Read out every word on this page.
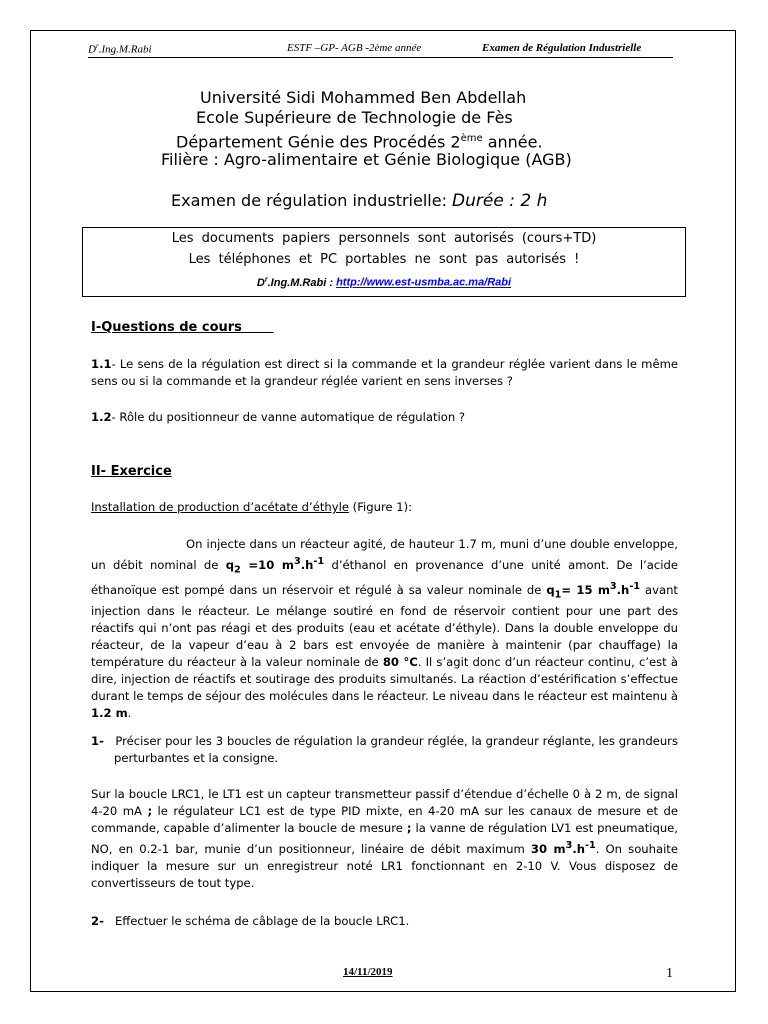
$D^r.Ing.M.Rabi$	ESTF –GP- AGB -2ème année	Examen de Régulation Industrielle
Université Sidi Mohammed Ben Abdellah
Ecole Supérieure de Technologie de Fès
Département Génie des Procédés 2ème année.
Filière : Agro-alimentaire et Génie Biologique (AGB)
Examen de régulation industrielle: Durée : 2 h
Les documents papiers personnels sont autorisés (cours+TD)
Les téléphones et PC portables ne sont pas autorisés !
$D^r.Ing.M.Rabi$ : http://www.est-usmba.ac.ma/Rabi
I-Questions de cours
1.1- Le sens de la régulation est direct si la commande et la grandeur réglée varient dans le même sens ou si la commande et la grandeur réglée varient en sens inverses ?
1.2- Rôle du positionneur de vanne automatique de régulation ?
II- Exercice
Installation de production d’acétate d’éthyle (Figure 1):
On injecte dans un réacteur agité, de hauteur 1.7 m, muni d’une double enveloppe, un débit nominal de $q_2 =10$ $m^3.h^{-1}$ d’éthanol en provenance d’une unité amont. De l’acide éthanoïque est pompé dans un réservoir et régulé à sa valeur nominale de $q_1= 15$ $m^3.h^{-1}$ avant injection dans le réacteur. Le mélange soutiré en fond de réservoir contient pour une part des réactifs qui n’ont pas réagi et des produits (eau et acétate d’éthyle). Dans la double enveloppe du réacteur, de la vapeur d’eau à 2 bars est envoyée de manière à maintenir (par chauffage) la température du réacteur à la valeur nominale de 80 °C. Il s’agit donc d’un réacteur continu, c’est à dire, injection de réactifs et soutirage des produits simultanés. La réaction d’estérification s’effectue durant le temps de séjour des molécules dans le réacteur. Le niveau dans le réacteur est maintenu à 1.2 m.
1- Préciser pour les 3 boucles de régulation la grandeur réglée, la grandeur réglante, les grandeurs perturbantes et la consigne.
Sur la boucle LRC1, le LT1 est un capteur transmetteur passif d’étendue d’échelle 0 à 2 m, de signal 4-20 mA ; le régulateur LC1 est de type PID mixte, en 4-20 mA sur les canaux de mesure et de commande, capable d’alimenter la boucle de mesure ; la vanne de régulation LV1 est pneumatique, NO, en 0.2-1 bar, munie d’un positionneur, linéaire de débit maximum 30 $m^3.h^{-1}$. On souhaite indiquer la mesure sur un enregistreur noté LR1 fonctionnant en 2-10 V. Vous disposez de convertisseurs de tout type.
2- Effectuer le schéma de câblage de la boucle LRC1.
14/11/2019	1
